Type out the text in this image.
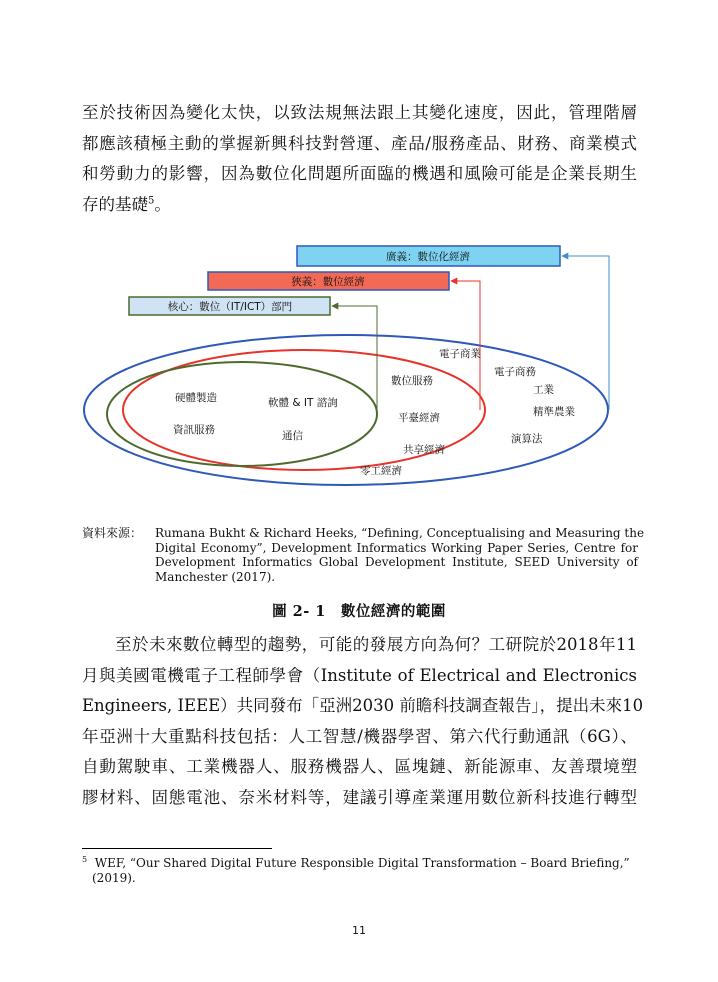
至於技術因為變化太快，以致法規無法跟上其變化速度，因此，管理階層
都應該積極主動的掌握新興科技對營運、產品/服務產品、財務、商業模式
和勞動力的影響，因為數位化問題所面臨的機遇和風險可能是企業長期生
存的基礎$^5$。
廣義：數位化經濟
狹義：數位經濟
核心：數位（IT/ICT）部門
硬體製造	軟體 & IT 諮詢
資訊服務	通信
數位服務
平臺經濟
共享經濟
零工經濟
電子商業
電子商務
工業
精準農業
演算法
資料來源： Rumana Bukht & Richard Heeks, “Defining, Conceptualising and Measuring the
Digital Economy”, Development Informatics Working Paper Series, Centre for
Development Informatics Global Development Institute, SEED University of
Manchester (2017).
圖 2- 1　數位經濟的範圍
至於未來數位轉型的趨勢，可能的發展方向為何？工研院於2018年11
月與美國電機電子工程師學會（Institute of Electrical and Electronics
Engineers, IEEE）共同發布「亞洲2030 前瞻科技調查報告」，提出未來10
年亞洲十大重點科技包括：人工智慧/機器學習、第六代行動通訊（6G）、
自動駕駛車、工業機器人、服務機器人、區塊鏈、新能源車、友善環境塑
膠材料、固態電池、奈米材料等，建議引導產業運用數位新科技進行轉型
$^5$ WEF, “Our Shared Digital Future Responsible Digital Transformation – Board Briefing,”
(2019).
11
